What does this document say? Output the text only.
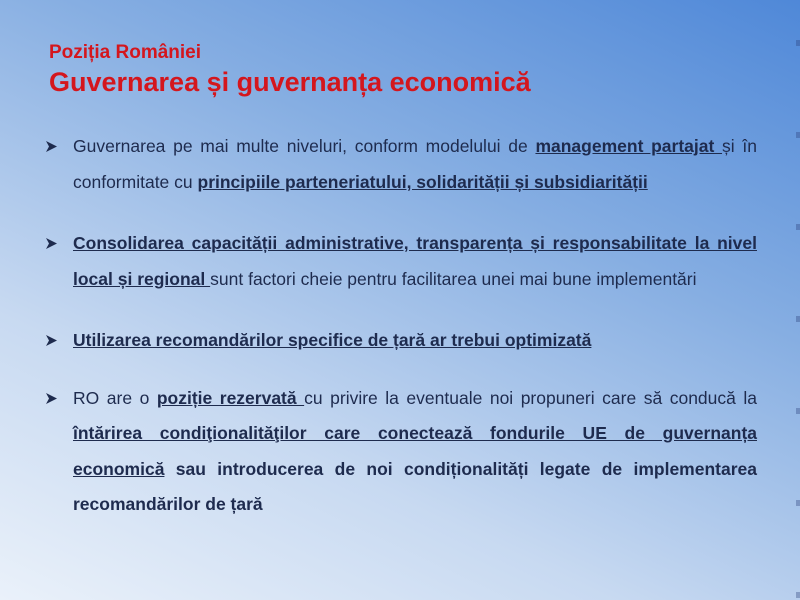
Poziția României
Guvernarea și guvernanța economică
Guvernarea pe mai multe niveluri, conform modelului de management partajat și în conformitate cu principiile parteneriatului, solidarității și subsidiarității
Consolidarea capacității administrative, transparența și responsabilitate la nivel local și regional sunt factori cheie pentru facilitarea unei mai bune implementări
Utilizarea recomandărilor specifice de țară ar trebui optimizată
RO are o poziție rezervată cu privire la eventuale noi propuneri care să conducă la întărirea condiţionalităţilor care conectează fondurile UE de guvernanța economică sau introducerea de noi condiționalități legate de implementarea recomandărilor de țară
